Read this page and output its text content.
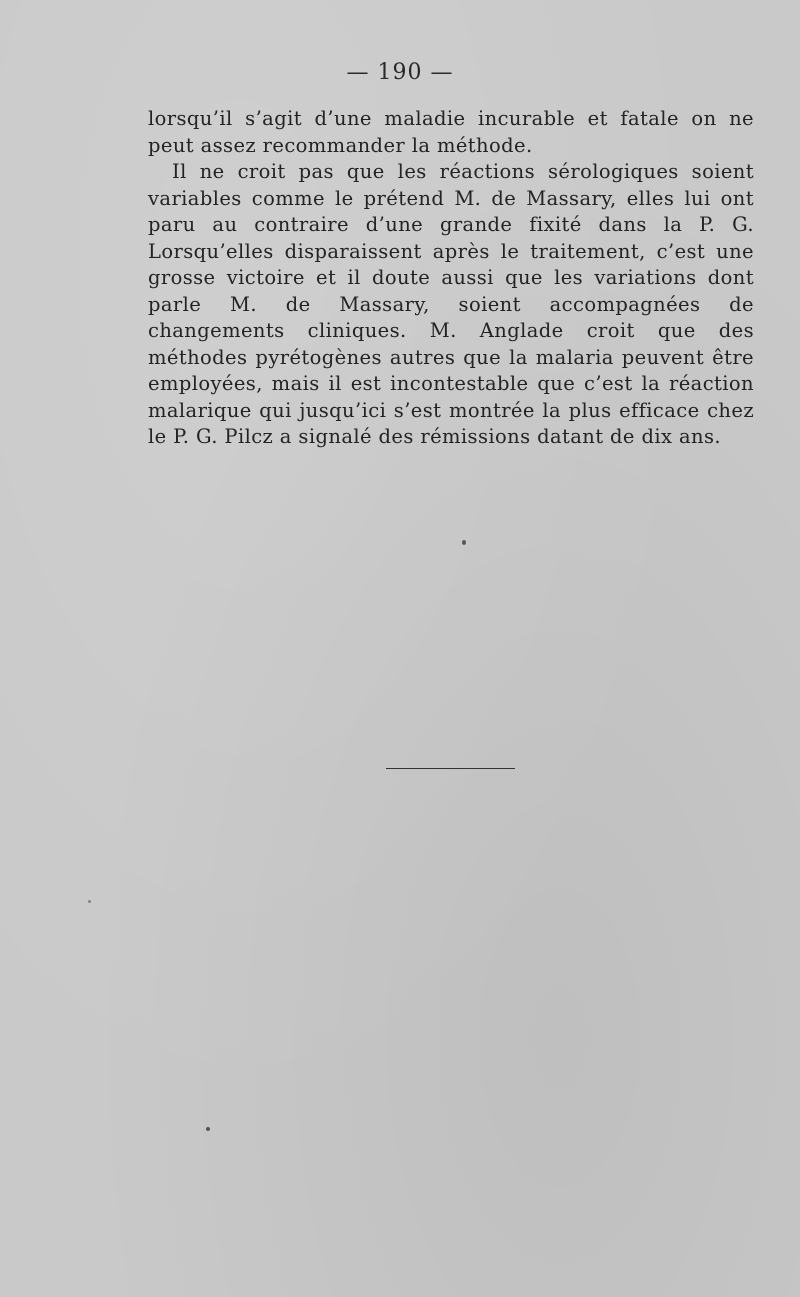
— 190 —

lorsqu’il s’agit d’une maladie incurable et fatale on ne peut assez recommander la méthode.

Il ne croit pas que les réactions sérologiques soient variables comme le prétend M. de Massary, elles lui ont paru au contraire d’une grande fixité dans la P. G. Lorsqu’elles disparaissent après le traitement, c’est une grosse victoire et il doute aussi que les variations dont parle M. de Massary, soient accompagnées de changements cliniques. M. Anglade croit que des méthodes pyrétogènes autres que la malaria peuvent être employées, mais il est incontestable que c’est la réaction malarique qui jusqu’ici s’est montrée la plus efficace chez le P. G. Pilcz a signalé des rémissions datant de dix ans.
